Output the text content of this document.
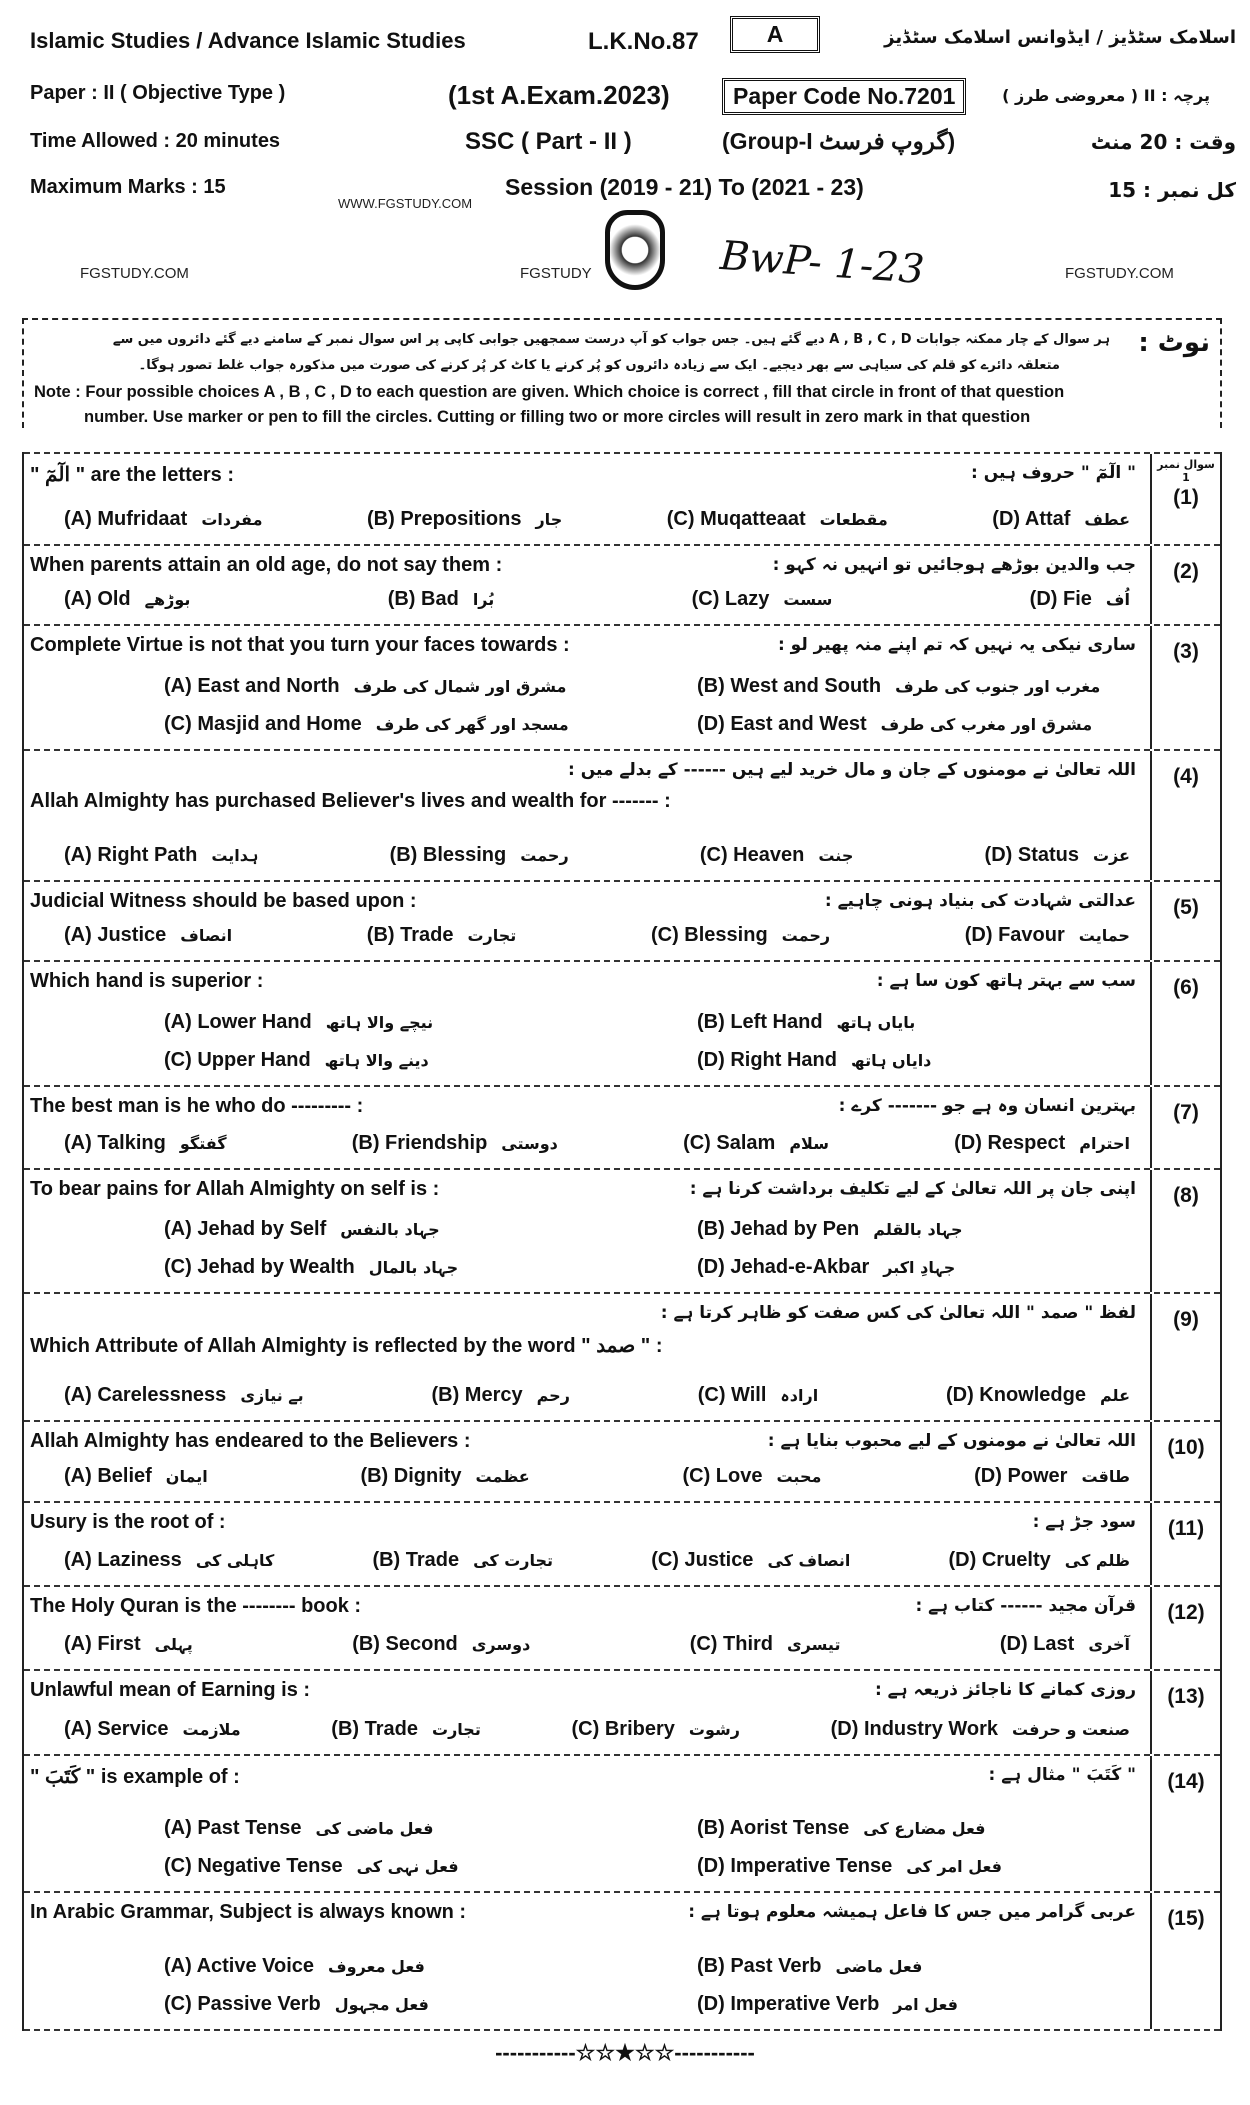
Islamic Studies / Advance Islamic Studies	L.K.No.87	A	اسلامک سٹڈیز / ایڈوانس اسلامک سٹڈیز
Paper : II ( Objective Type )	(1st A.Exam.2023)	Paper Code No.7201	پرچہ : II ( معروضی طرز )
Time Allowed : 20 minutes	SSC ( Part - II )	(Group-I گروپ فرسٹ)	وقت : 20 منٹ
Maximum Marks : 15
WWW.FGSTUDY.COM
Session (2019 - 21) To (2021 - 23)	کل نمبر : 15
FGSTUDY.COM	FGSTUDY	BwP- 1-23	FGSTUDY.COM
نوٹ :
ہر سوال کے چار ممکنہ جوابات A , B , C , D دیے گئے ہیں۔ جس جواب کو آپ درست سمجھیں جوابی کاپی پر اس سوال نمبر کے سامنے دیے گئے دائروں میں سے
متعلقہ دائرے کو قلم کی سیاہی سے بھر دیجیے۔ ایک سے زیادہ دائروں کو پُر کرنے یا کاٹ کر پُر کرنے کی صورت میں مذکورہ جواب غلط تصور ہوگا۔
Note : Four possible choices A , B , C , D to each question are given. Which choice is correct , fill that circle in front of that question
number. Use marker or pen to fill the circles. Cutting or filling two or more circles will result in zero mark in that question
سوال نمبر 1
(1)
" الٓمٓ " are the letters :	" الٓمٓ " حروف ہیں :
(A) Mufridaat مفردات	(B) Prepositions جار	(C) Muqatteaat مقطعات	(D) Attaf عطف
(2)
When parents attain an old age, do not say them :	جب والدین بوڑھے ہوجائیں تو انہیں نہ کہو :
(A) Old بوڑھے	(B) Bad بُرا	(C) Lazy سست	(D) Fie اُف
(3)
Complete Virtue is not that you turn your faces towards :	ساری نیکی یہ نہیں کہ تم اپنے منہ پھیر لو :
(A) East and North مشرق اور شمال کی طرف	(B) West and South مغرب اور جنوب کی طرف
(C) Masjid and Home مسجد اور گھر کی طرف	(D) East and West مشرق اور مغرب کی طرف
(4)
Allah Almighty has purchased Believer's lives and wealth for ------- :
اللہ تعالیٰ نے مومنوں کے جان و مال خرید لیے ہیں ------ کے بدلے میں :
(A) Right Path ہدایت	(B) Blessing رحمت	(C) Heaven جنت	(D) Status عزت
(5)
Judicial Witness should be based upon :	عدالتی شہادت کی بنیاد ہونی چاہیے :
(A) Justice انصاف	(B) Trade تجارت	(C) Blessing رحمت	(D) Favour حمایت
(6)
Which hand is superior :	سب سے بہتر ہاتھ کون سا ہے :
(A) Lower Hand نیچے والا ہاتھ	(B) Left Hand بایاں ہاتھ
(C) Upper Hand دینے والا ہاتھ	(D) Right Hand دایاں ہاتھ
(7)
The best man is he who do --------- :	بہترین انسان وہ ہے جو ------- کرے :
(A) Talking گفتگو	(B) Friendship دوستی	(C) Salam سلام	(D) Respect احترام
(8)
To bear pains for Allah Almighty on self is :	اپنی جان پر اللہ تعالیٰ کے لیے تکلیف برداشت کرنا ہے :
(A) Jehad by Self جہاد بالنفس	(B) Jehad by Pen جہاد بالقلم
(C) Jehad by Wealth جہاد بالمال	(D) Jehad-e-Akbar جہادِ اکبر
(9)
Which Attribute of Allah Almighty is reflected by the word " صمد " :
لفظ " صمد " اللہ تعالیٰ کی کس صفت کو ظاہر کرتا ہے :
(A) Carelessness بے نیازی	(B) Mercy رحم	(C) Will ارادہ	(D) Knowledge علم
(10)
Allah Almighty has endeared to the Believers :	اللہ تعالیٰ نے مومنوں کے لیے محبوب بنایا ہے :
(A) Belief ایمان	(B) Dignity عظمت	(C) Love محبت	(D) Power طاقت
(11)
Usury is the root of :	سود جڑ ہے :
(A) Laziness کاہلی کی	(B) Trade تجارت کی	(C) Justice انصاف کی	(D) Cruelty ظلم کی
(12)
The Holy Quran is the -------- book :	قرآن مجید ------ کتاب ہے :
(A) First پہلی	(B) Second دوسری	(C) Third تیسری	(D) Last آخری
(13)
Unlawful mean of Earning is :	روزی کمانے کا ناجائز ذریعہ ہے :
(A) Service ملازمت	(B) Trade تجارت	(C) Bribery رشوت	(D) Industry Work صنعت و حرفت
(14)
" كَتَبَ " is example of :	" كَتَبَ " مثال ہے :
(A) Past Tense فعل ماضی کی	(B) Aorist Tense فعل مضارع کی
(C) Negative Tense فعل نہی کی	(D) Imperative Tense فعل امر کی
(15)
In Arabic Grammar, Subject is always known :	عربی گرامر میں جس کا فاعل ہمیشہ معلوم ہوتا ہے :
(A) Active Voice فعل معروف	(B) Past Verb فعل ماضی
(C) Passive Verb فعل مجہول	(D) Imperative Verb فعل امر
-----------☆☆★☆☆-----------
